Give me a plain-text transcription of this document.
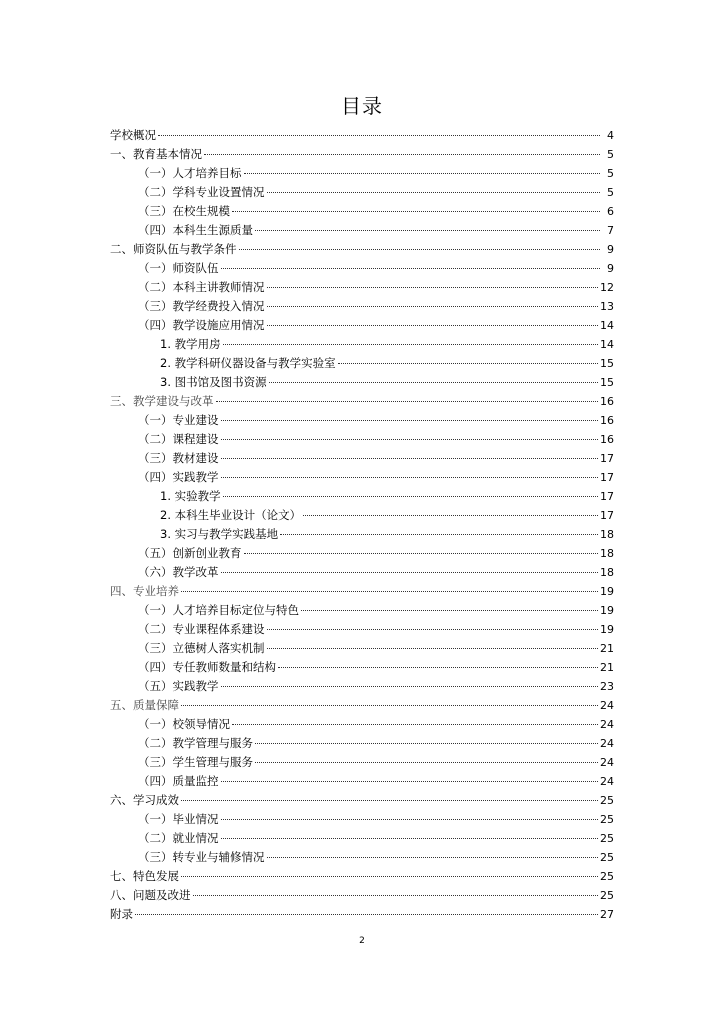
目录
学校概况	4
一、教育基本情况	5
（一）人才培养目标	5
（二）学科专业设置情况	5
（三）在校生规模	6
（四）本科生生源质量	7
二、师资队伍与教学条件	9
（一）师资队伍	9
（二）本科主讲教师情况	12
（三）教学经费投入情况	13
（四）教学设施应用情况	14
1. 教学用房	14
2. 教学科研仪器设备与教学实验室	15
3. 图书馆及图书资源	15
三、教学建设与改革	16
（一）专业建设	16
（二）课程建设	16
（三）教材建设	17
（四）实践教学	17
1. 实验教学	17
2. 本科生毕业设计（论文）	17
3. 实习与教学实践基地	18
（五）创新创业教育	18
（六）教学改革	18
四、专业培养	19
（一）人才培养目标定位与特色	19
（二）专业课程体系建设	19
（三）立德树人落实机制	21
（四）专任教师数量和结构	21
（五）实践教学	23
五、质量保障	24
（一）校领导情况	24
（二）教学管理与服务	24
（三）学生管理与服务	24
（四）质量监控	24
六、学习成效	25
（一）毕业情况	25
（二）就业情况	25
（三）转专业与辅修情况	25
七、特色发展	25
八、问题及改进	25
附录	27
2
